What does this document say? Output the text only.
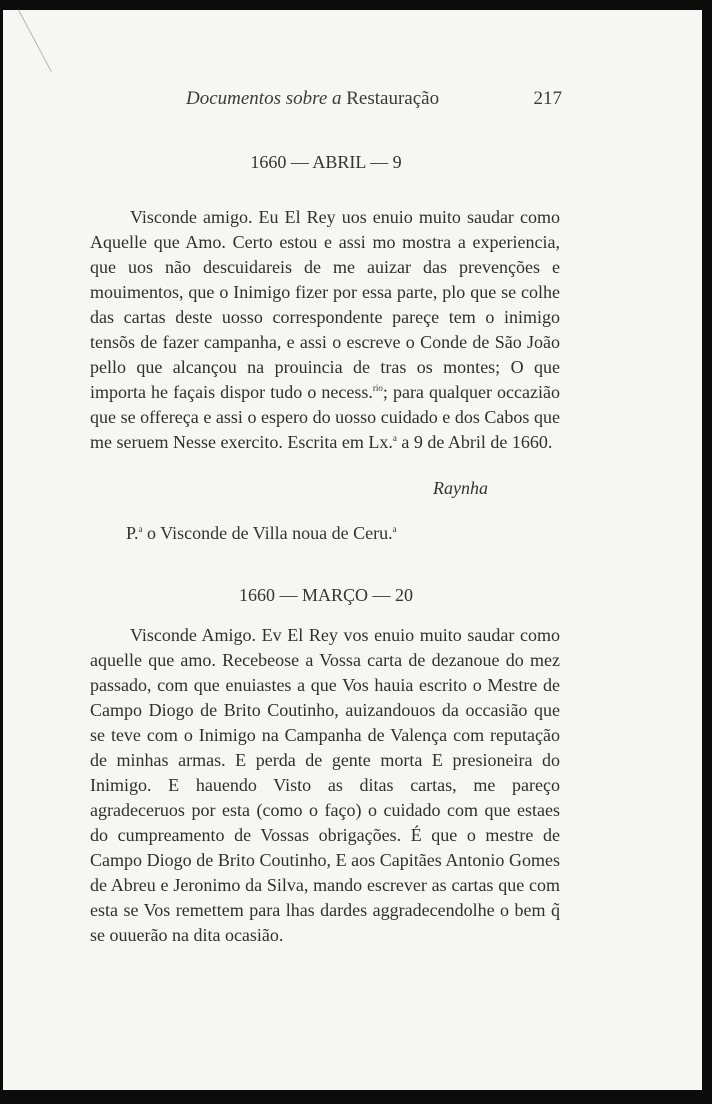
Documentos sobre a Restauração	217
1660 — ABRIL — 9

Visconde amigo. Eu El Rey uos enuio muito saudar como Aquelle que Amo. Certo estou e assi mo mostra a experiencia, que uos não descuidareis de me auizar das prevenções e mouimentos, que o Inimigo fizer por essa parte, plo que se colhe das cartas deste uosso correspondente pareçe tem o inimigo tensõs de fazer campanha, e assi o escreve o Conde de São João pello que alcançou na prouincia de tras os montes; O que importa he façais dispor tudo o necess.$^{rio}$; para qualquer occazião que se offereça e assi o espero do uosso cuidado e dos Cabos que me seruem Nesse exercito. Escrita em Lx.$^a$ a 9 de Abril de 1660.

Raynha
P.$^a$ o Visconde de Villa noua de Ceru.$^a$
1660 — MARÇO — 20

Visconde Amigo. Ev El Rey vos enuio muito saudar como aquelle que amo. Recebeose a Vossa carta de dezanoue do mez passado, com que enuiastes a que Vos hauia escrito o Mestre de Campo Diogo de Brito Coutinho, auizandouos da occasião que se teve com o Inimigo na Campanha de Valença com reputação de minhas armas. E perda de gente morta E presioneira do Inimigo. E hauendo Visto as ditas cartas, me pareço agradeceruos por esta (como o faço) o cuidado com que estaes do cumpreamento de Vossas obrigações. É que o mestre de Campo Diogo de Brito Coutinho, E aos Capitães Antonio Gomes de Abreu e Jeronimo da Silva, mando escrever as cartas que com esta se Vos remettem para lhas dardes aggradecendolhe o bem q̃ se ouuerão na dita ocasião.
